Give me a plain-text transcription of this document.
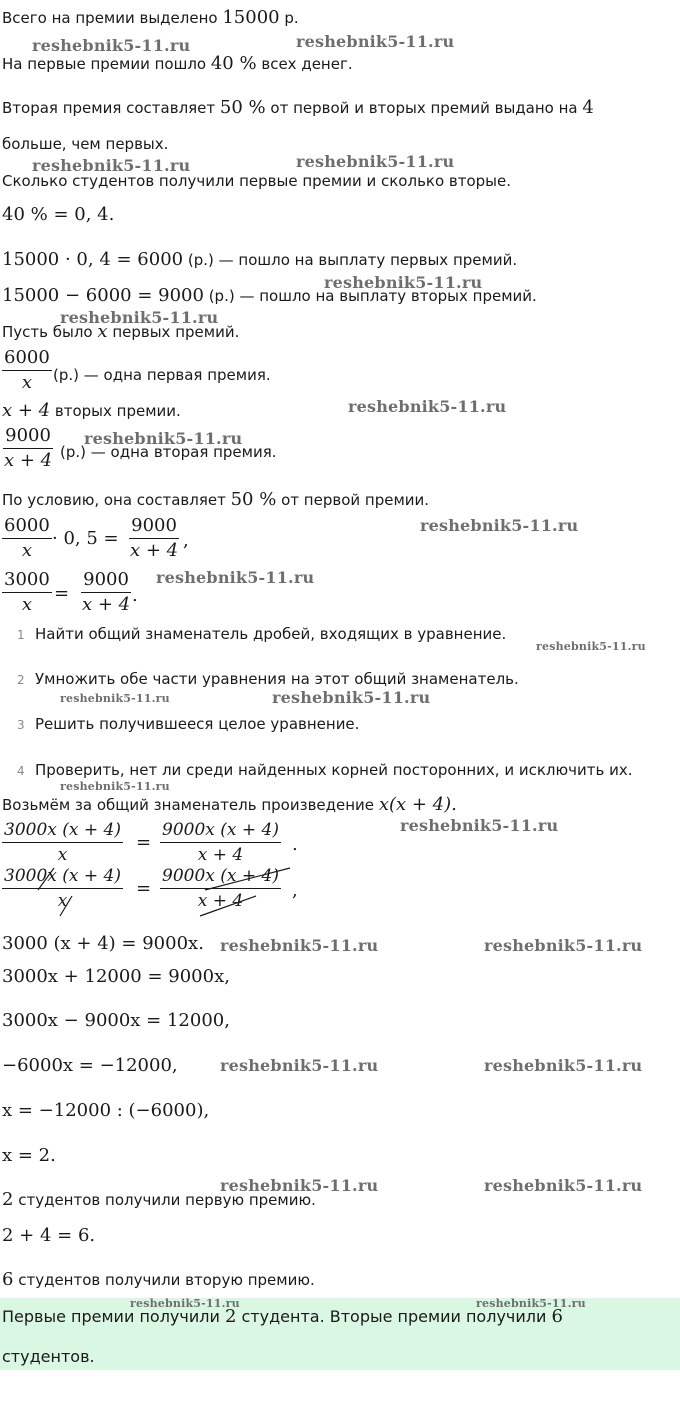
Всего на премии выделено 15000 р.
На первые премии пошло 40 % всех денег.
Вторая премия составляет 50 % от первой и вторых премий выдано на 4
больше, чем первых.
Сколько студентов получили первые премии и сколько вторые.
40 % = 0, 4.
15000 · 0, 4 = 6000 (р.) — пошло на выплату первых премий.
15000 − 6000 = 9000 (р.) — пошло на выплату вторых премий.
Пусть было x первых премий.
$\frac{6000}{x} (р.)$ — одна первая премия.
x + 4 вторых премии.
$\frac{9000}{x + 4} (р.)$ — одна вторая премия.
По условию, она составляет 50 % от первой премии.
$\frac{6000}{x} \cdot 0$, $5 = \frac{9000}{x + 4}$ ,
$\frac{3000}{x} = \frac{9000}{x + 4}$ .
1 Найти общий знаменатель дробей, входящих в уравнение.
2 Умножить обе части уравнения на этот общий знаменатель.
3 Решить получившееся целое уравнение.
4 Проверить, нет ли среди найденных корней посторонних, и исключить их.
Возьмём за общий знаменатель произведение x(x + 4).
$\frac{3000x (x + 4)}{x} = \frac{9000x (x + 4)}{x + 4}$ .
$\frac{3000x (x + 4)}{x} = \frac{9000x (x + 4)}{x + 4}$ ,
3000 (x + 4) = 9000x.
3000x + 12000 = 9000x,
3000x − 9000x = 12000,
−6000x = −12000,
x = −12000 : (−6000),
x = 2.
2 студентов получили первую премию.
2 + 4 = 6.
6 студентов получили вторую премию.
Первые премии получили 2 студента. Вторые премии получили 6
студентов.
reshebnik5-11.ru	reshebnik5-11.ru
reshebnik5-11.ru	reshebnik5-11.ru
reshebnik5-11.ru
reshebnik5-11.ru
reshebnik5-11.ru
reshebnik5-11.ru
reshebnik5-11.ru
reshebnik5-11.ru
reshebnik5-11.ru
reshebnik5-11.ru	reshebnik5-11.ru
reshebnik5-11.ru
reshebnik5-11.ru
reshebnik5-11.ru	reshebnik5-11.ru
reshebnik5-11.ru	reshebnik5-11.ru
reshebnik5-11.ru	reshebnik5-11.ru
reshebnik5-11.ru	reshebnik5-11.ru
